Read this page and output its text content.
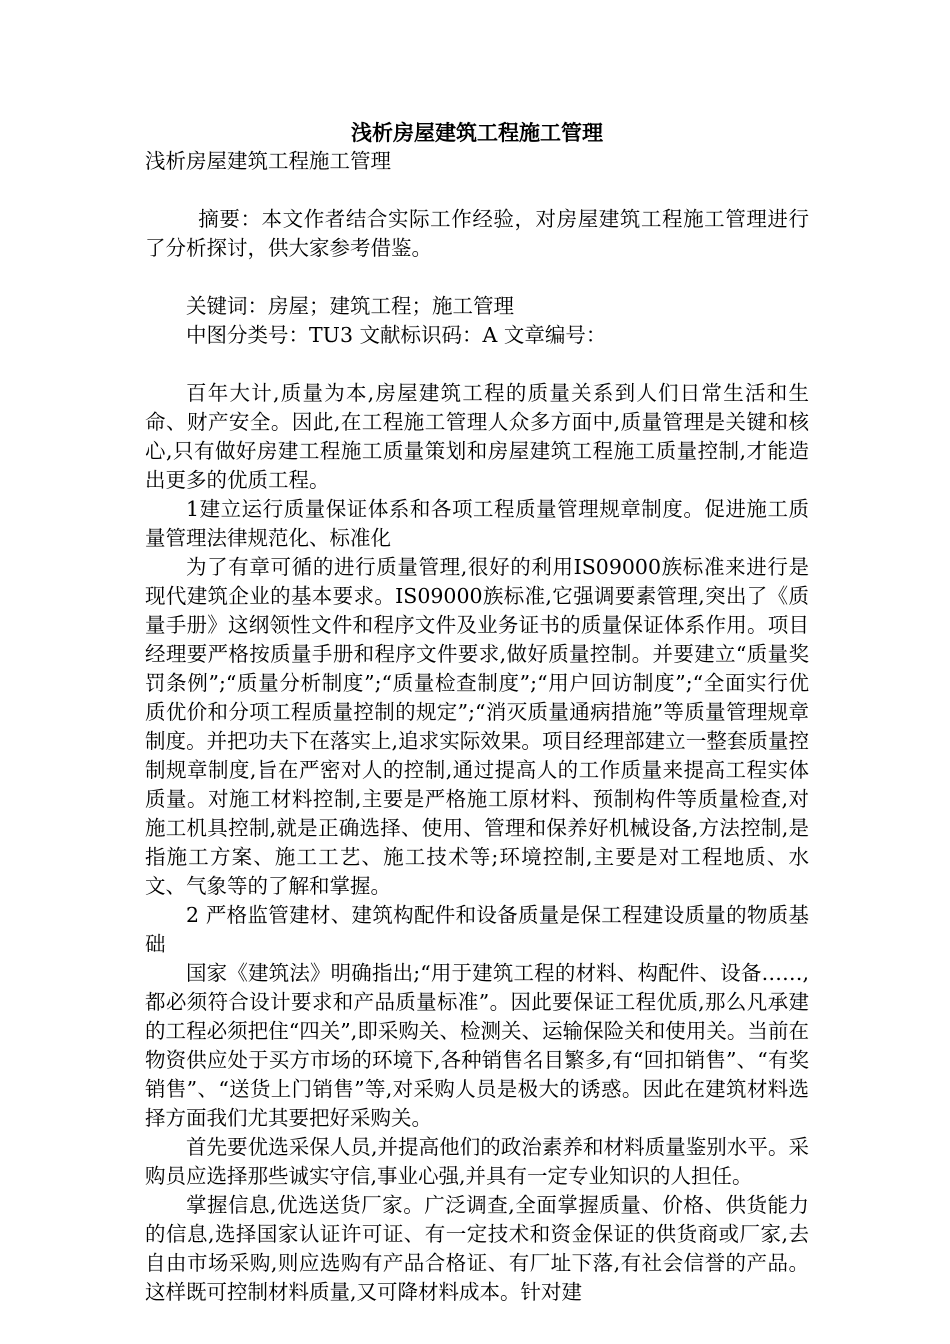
浅析房屋建筑工程施工管理
浅析房屋建筑工程施工管理
摘要：本文作者结合实际工作经验，对房屋建筑工程施工管理进行了分析探讨，供大家参考借鉴。
关键词：房屋；建筑工程；施工管理
中图分类号：TU3 文献标识码：A 文章编号：
百年大计,质量为本,房屋建筑工程的质量关系到人们日常生活和生命、财产安全。因此,在工程施工管理人众多方面中,质量管理是关键和核心,只有做好房建工程施工质量策划和房屋建筑工程施工质量控制,才能造出更多的优质工程。
1建立运行质量保证体系和各项工程质量管理规章制度。促进施工质量管理法律规范化、标准化
为了有章可循的进行质量管理,很好的利用IS09000族标准来进行是现代建筑企业的基本要求。IS09000族标准,它强调要素管理,突出了《质量手册》这纲领性文件和程序文件及业务证书的质量保证体系作用。项目经理要严格按质量手册和程序文件要求,做好质量控制。并要建立“质量奖罚条例”;“质量分析制度”;“质量检查制度”;“用户回访制度”;“全面实行优质优价和分项工程质量控制的规定”;“消灭质量通病措施”等质量管理规章制度。并把功夫下在落实上,追求实际效果。项目经理部建立一整套质量控制规章制度,旨在严密对人的控制,通过提高人的工作质量来提高工程实体质量。对施工材料控制,主要是严格施工原材料、预制构件等质量检查,对施工机具控制,就是正确选择、使用、管理和保养好机械设备,方法控制,是指施工方案、施工工艺、施工技术等;环境控制,主要是对工程地质、水文、气象等的了解和掌握。
2 严格监管建材、建筑构配件和设备质量是保工程建设质量的物质基础
国家《建筑法》明确指出;“用于建筑工程的材料、构配件、设备……,都必须符合设计要求和产品质量标准”。因此要保证工程优质,那么凡承建的工程必须把住“四关”,即采购关、检测关、运输保险关和使用关。当前在物资供应处于买方市场的环境下,各种销售名目繁多,有“回扣销售”、“有奖销售”、“送货上门销售”等,对采购人员是极大的诱惑。因此在建筑材料选择方面我们尤其要把好采购关。
首先要优选采保人员,并提高他们的政治素养和材料质量鉴别水平。采购员应选择那些诚实守信,事业心强,并具有一定专业知识的人担任。
掌握信息,优选送货厂家。广泛调查,全面掌握质量、价格、供货能力的信息,选择国家认证许可证、有一定技术和资金保证的供货商或厂家,去自由市场采购,则应选购有产品合格证、有厂址下落,有社会信誉的产品。这样既可控制材料质量,又可降材料成本。针对建
